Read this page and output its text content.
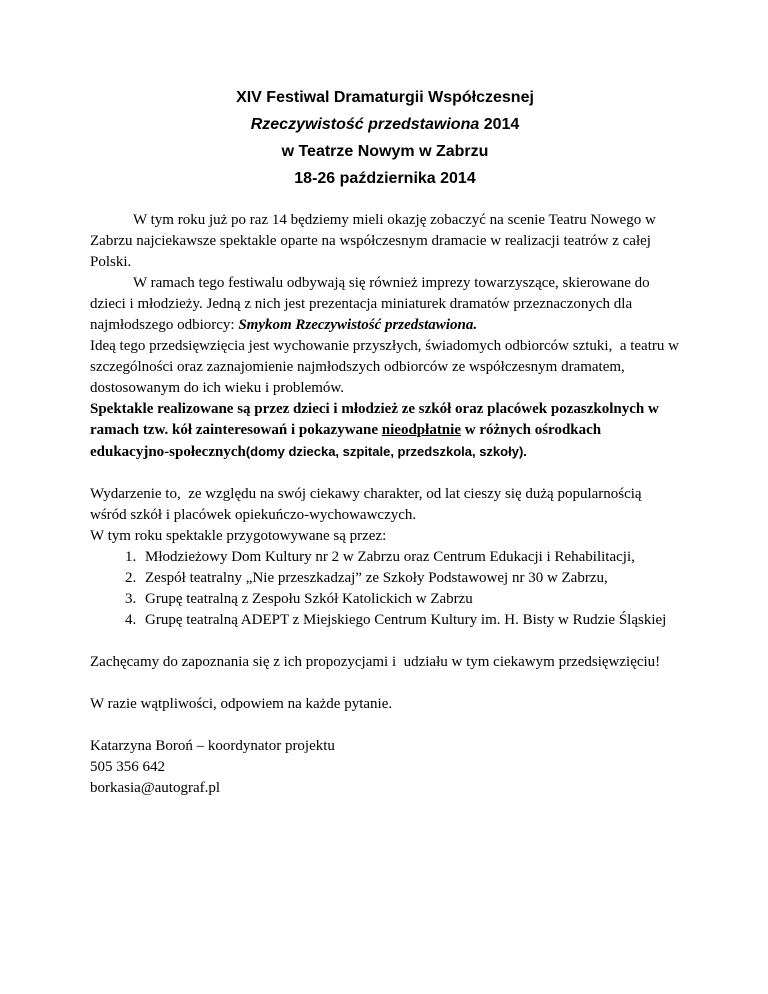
XIV Festiwal Dramaturgii Współczesnej
Rzeczywistość przedstawiona 2014
w Teatrze Nowym w Zabrzu
18-26 października 2014

W tym roku już po raz 14 będziemy mieli okazję zobaczyć na scenie Teatru Nowego w Zabrzu najciekawsze spektakle oparte na współczesnym dramacie w realizacji teatrów z całej Polski.

W ramach tego festiwalu odbywają się również imprezy towarzyszące, skierowane do dzieci i młodzieży. Jedną z nich jest prezentacja miniaturek dramatów przeznaczonych dla najmłodszego odbiorcy: Smykom Rzeczywistość przedstawiona.

Ideą tego przedsięwzięcia jest wychowanie przyszłych, świadomych odbiorców sztuki,  a teatru w  szczególności oraz zaznajomienie najmłodszych odbiorców ze współczesnym dramatem, dostosowanym do ich wieku i problemów.

Spektakle realizowane są przez dzieci i młodzież ze szkół oraz placówek pozaszkolnych w ramach tzw. kół zainteresowań i pokazywane nieodpłatnie w różnych ośrodkach edukacyjno-społecznych(domy dziecka, szpitale, przedszkola, szkoły).

Wydarzenie to,  ze względu na swój ciekawy charakter, od lat cieszy się dużą popularnością wśród szkół i placówek opiekuńczo-wychowawczych.

W tym roku spektakle przygotowywane są przez:

1. Młodzieżowy Dom Kultury nr 2 w Zabrzu oraz Centrum Edukacji i Rehabilitacji,
2. Zespół teatralny „Nie przeszkadzaj” ze Szkoły Podstawowej nr 30 w Zabrzu,
3. Grupę teatralną z Zespołu Szkół Katolickich w Zabrzu
4. Grupę teatralną ADEPT z Miejskiego Centrum Kultury im. H. Bisty w Rudzie Śląskiej

Zachęcamy do zapoznania się z ich propozycjami i  udziału w tym ciekawym przedsięwzięciu!

W razie wątpliwości, odpowiem na każde pytanie.

Katarzyna Boroń – koordynator projektu

505 356 642

borkasia@autograf.pl
